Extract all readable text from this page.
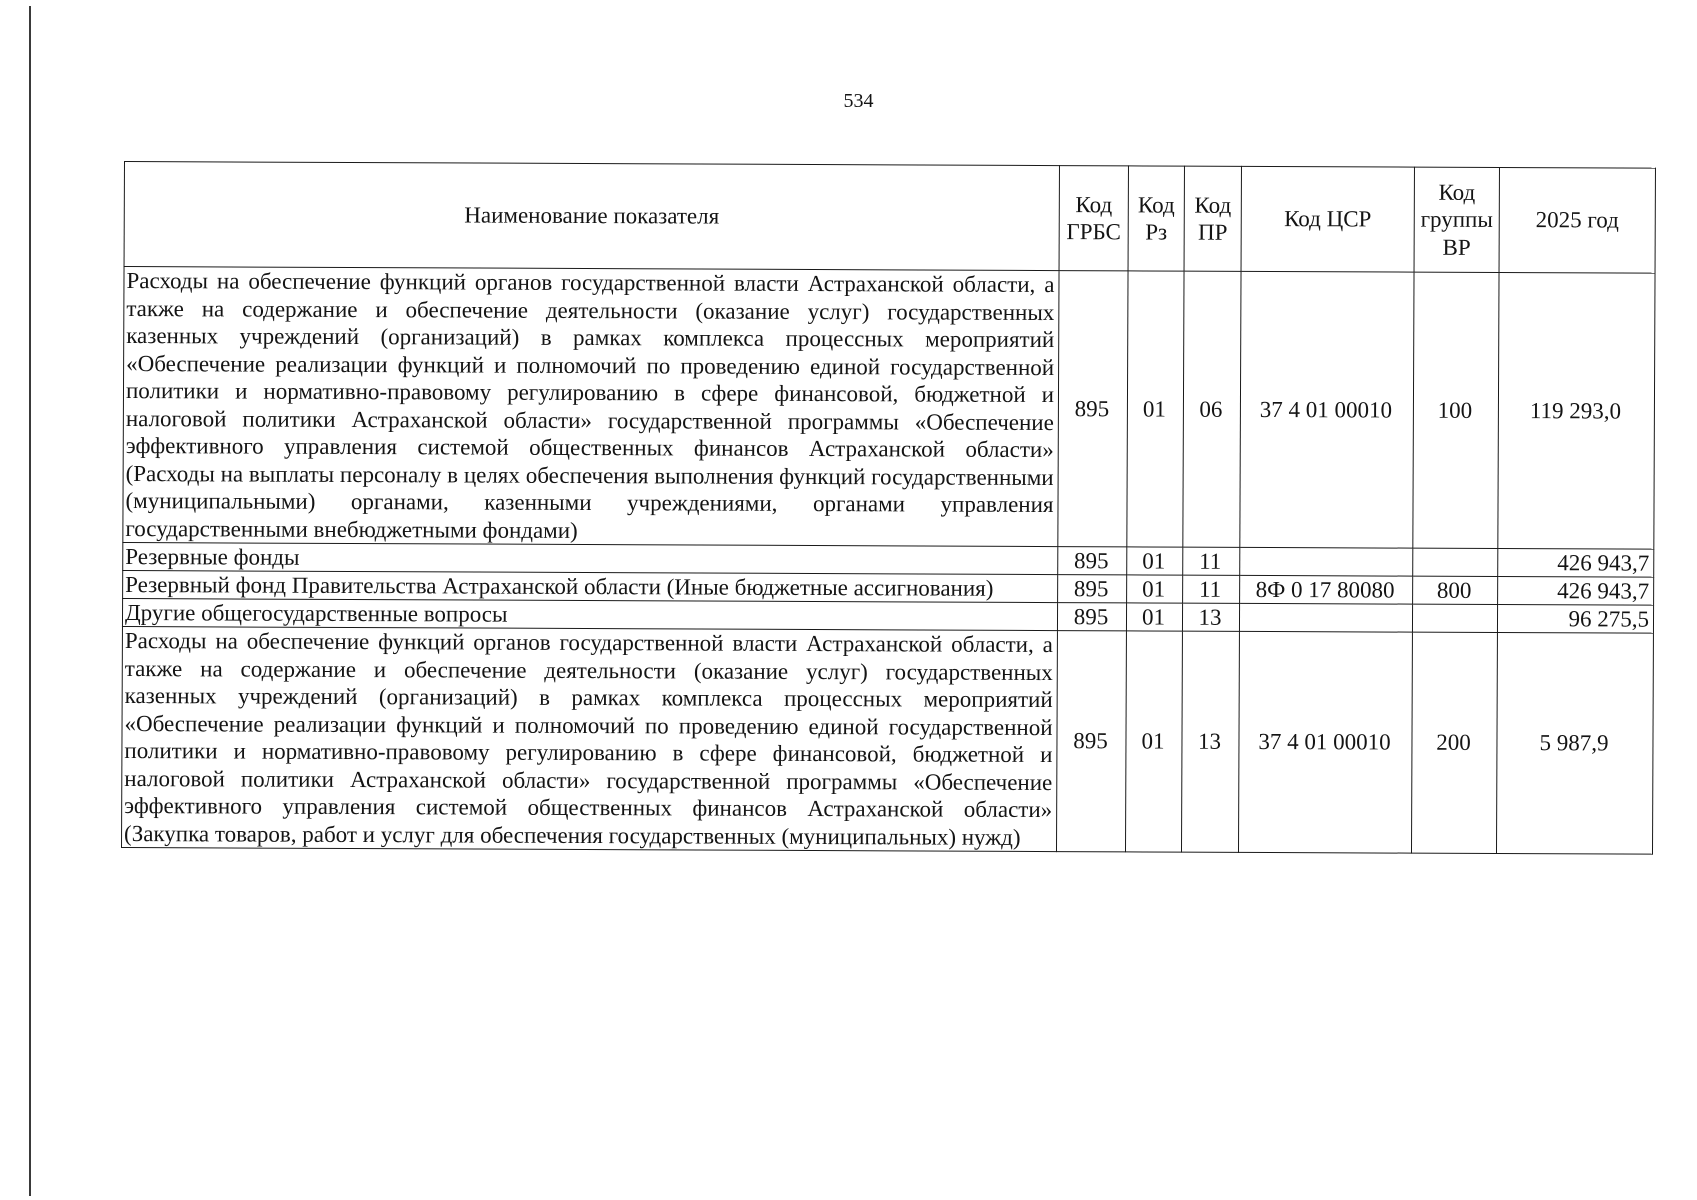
534
Наименование показателя	Код ГРБС	Код Рз	Код ПР	Код ЦСР	Код группы ВР	2025 год
Расходы на обеспечение функций органов государственной власти Астраханской области, а также на содержание и обеспечение деятельности (оказание услуг) государственных казенных учреждений (организаций) в рамках комплекса процессных мероприятий «Обеспечение реализации функций и полномочий по проведению единой государственной политики и нормативно-правовому регулированию в сфере финансовой, бюджетной и налоговой политики Астраханской области» государственной программы «Обеспечение эффективного управления системой общественных финансов Астраханской области» (Расходы на выплаты персоналу в целях обеспечения выполнения функций государственными (муниципальными) органами, казенными учреждениями, органами управления государственными внебюджетными фондами)	895	01	06	37 4 01 00010	100	119 293,0
Резервные фонды	895	01	11			426 943,7
Резервный фонд Правительства Астраханской области (Иные бюджетные ассигнования)	895	01	11	8Ф 0 17 80080	800	426 943,7
Другие общегосударственные вопросы	895	01	13			96 275,5
Расходы на обеспечение функций органов государственной власти Астраханской области, а также на содержание и обеспечение деятельности (оказание услуг) государственных казенных учреждений (организаций) в рамках комплекса процессных мероприятий «Обеспечение реализации функций и полномочий по проведению единой государственной политики и нормативно-правовому регулированию в сфере финансовой, бюджетной и налоговой политики Астраханской области» государственной программы «Обеспечение эффективного управления системой общественных финансов Астраханской области» (Закупка товаров, работ и услуг для обеспечения государственных (муниципальных) нужд)	895	01	13	37 4 01 00010	200	5 987,9
